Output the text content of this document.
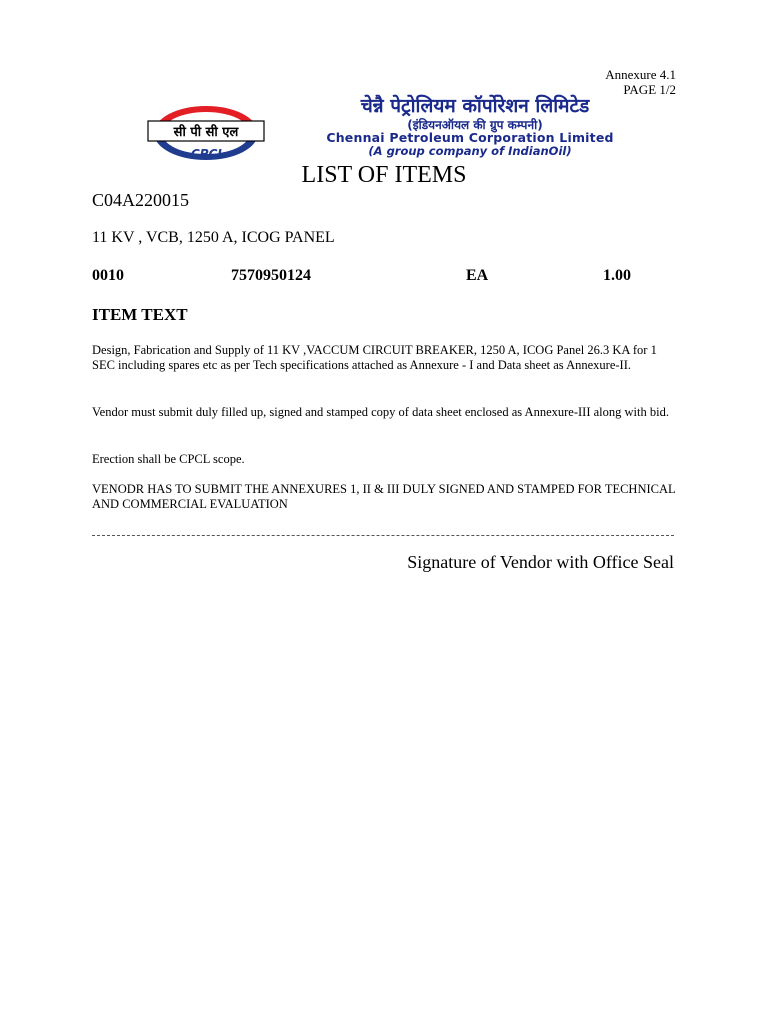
Annexure 4.1
PAGE 1/2
सी पी सी एल
CPCL
चेन्नै पेट्रोलियम कॉर्पोरेशन लिमिटेड
(इंडियनऑयल की ग्रुप कम्पनी)
Chennai Petroleum Corporation Limited
(A group company of IndianOil)
LIST OF ITEMS
C04A220015
11 KV , VCB, 1250 A, ICOG PANEL
0010	7570950124	EA	1.00
ITEM TEXT
Design, Fabrication and Supply of 11 KV ,VACCUM CIRCUIT BREAKER, 1250 A, ICOG Panel 26.3 KA for 1 SEC including spares etc as per Tech specifications attached as Annexure - I and Data sheet as Annexure-II.
Vendor must submit duly filled up, signed and stamped copy of data sheet enclosed as Annexure-III along with bid.
Erection shall be CPCL scope.
VENODR HAS TO SUBMIT THE ANNEXURES 1, II & III DULY SIGNED AND STAMPED FOR TECHNICAL AND COMMERCIAL EVALUATION
Signature of Vendor with Office Seal
